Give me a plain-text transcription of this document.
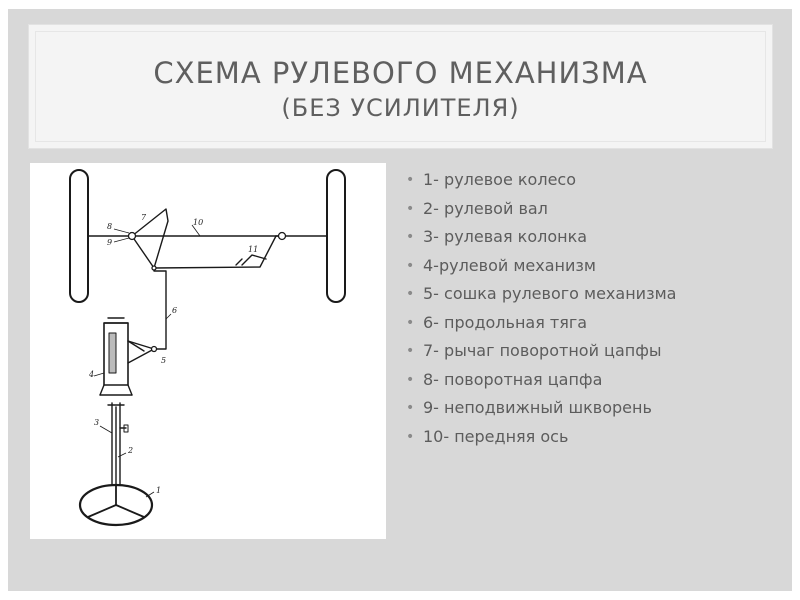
СХЕМА РУЛЕВОГО МЕХАНИЗМА
(БЕЗ УСИЛИТЕЛЯ)
1
2
3
4
5
6
7
8
9
10
11
• 1- рулевое колесо
• 2- рулевой вал
• 3- рулевая колонка
• 4-рулевой механизм
• 5- сошка рулевого механизма
• 6- продольная тяга
• 7- рычаг поворотной цапфы
• 8- поворотная цапфа
• 9- неподвижный шкворень
• 10- передняя ось
